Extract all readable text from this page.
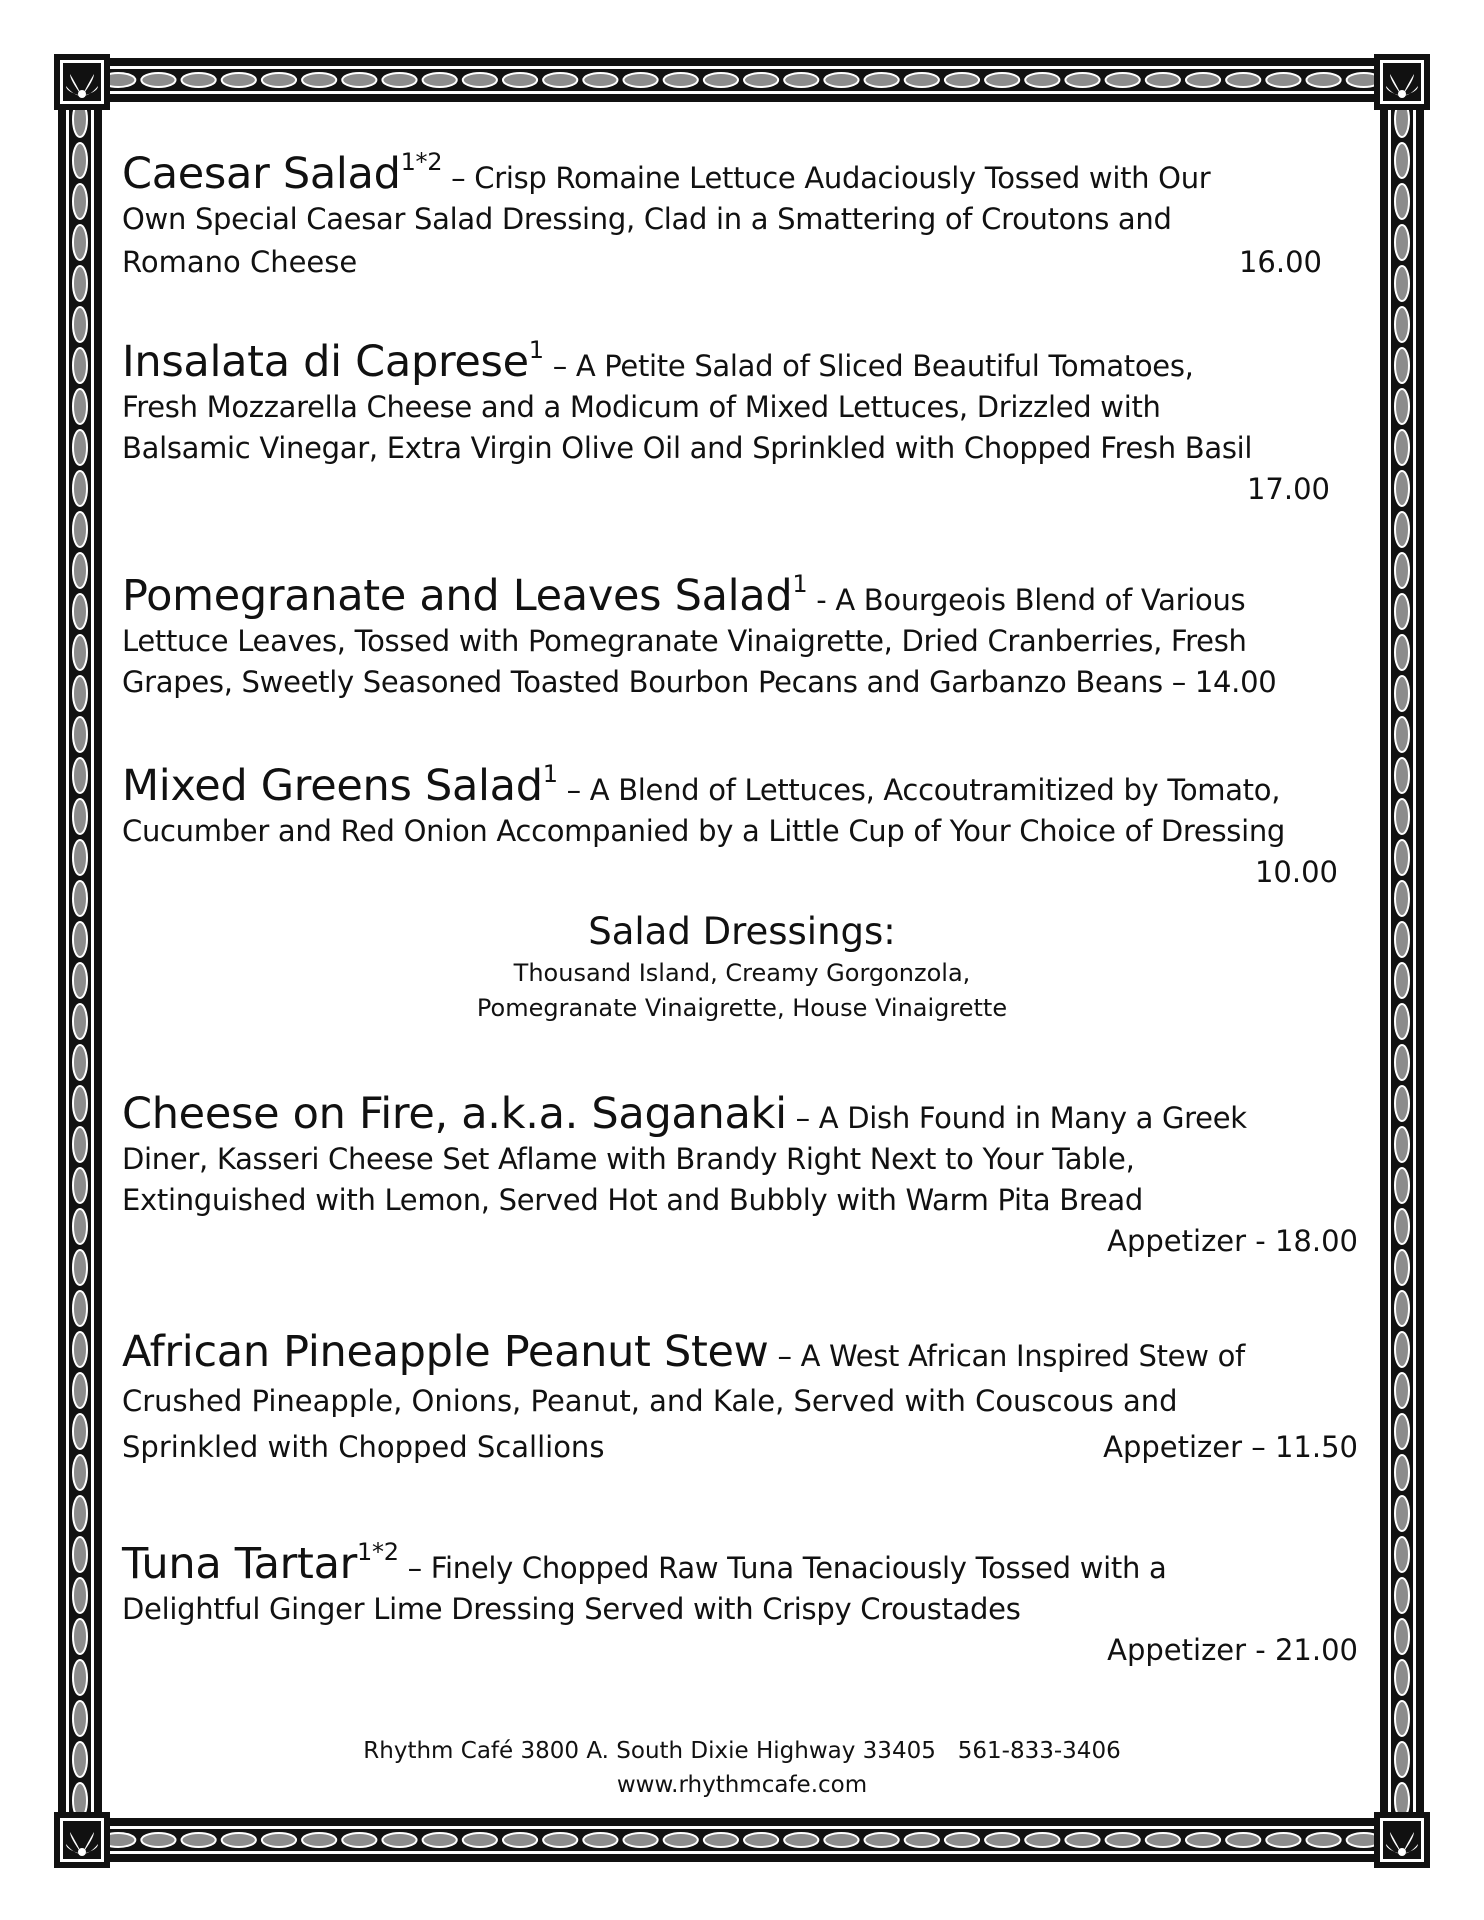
Caesar Salad$^{1*2}$ – Crisp Romaine Lettuce Audaciously Tossed with Our
Own Special Caesar Salad Dressing, Clad in a Smattering of Croutons and
Romano Cheese	16.00
Insalata di Caprese$^1$ – A Petite Salad of Sliced Beautiful Tomatoes,
Fresh Mozzarella Cheese and a Modicum of Mixed Lettuces, Drizzled with
Balsamic Vinegar, Extra Virgin Olive Oil and Sprinkled with Chopped Fresh Basil
17.00
Pomegranate and Leaves Salad$^1$ - A Bourgeois Blend of Various
Lettuce Leaves, Tossed with Pomegranate Vinaigrette, Dried Cranberries, Fresh
Grapes, Sweetly Seasoned Toasted Bourbon Pecans and Garbanzo Beans – 14.00
Mixed Greens Salad$^1$ – A Blend of Lettuces, Accoutramitized by Tomato,
Cucumber and Red Onion Accompanied by a Little Cup of Your Choice of Dressing
10.00
Salad Dressings:
Thousand Island, Creamy Gorgonzola,
Pomegranate Vinaigrette, House Vinaigrette
Cheese on Fire, a.k.a. Saganaki – A Dish Found in Many a Greek
Diner, Kasseri Cheese Set Aflame with Brandy Right Next to Your Table,
Extinguished with Lemon, Served Hot and Bubbly with Warm Pita Bread
Appetizer - 18.00
African Pineapple Peanut Stew – A West African Inspired Stew of
Crushed Pineapple, Onions, Peanut, and Kale, Served with Couscous and
Sprinkled with Chopped Scallions	Appetizer – 11.50
Tuna Tartar$^{1*2}$ – Finely Chopped Raw Tuna Tenaciously Tossed with a
Delightful Ginger Lime Dressing Served with Crispy Croustades
Appetizer - 21.00
Rhythm Café 3800 A. South Dixie Highway 33405   561-833-3406
www.rhythmcafe.com
